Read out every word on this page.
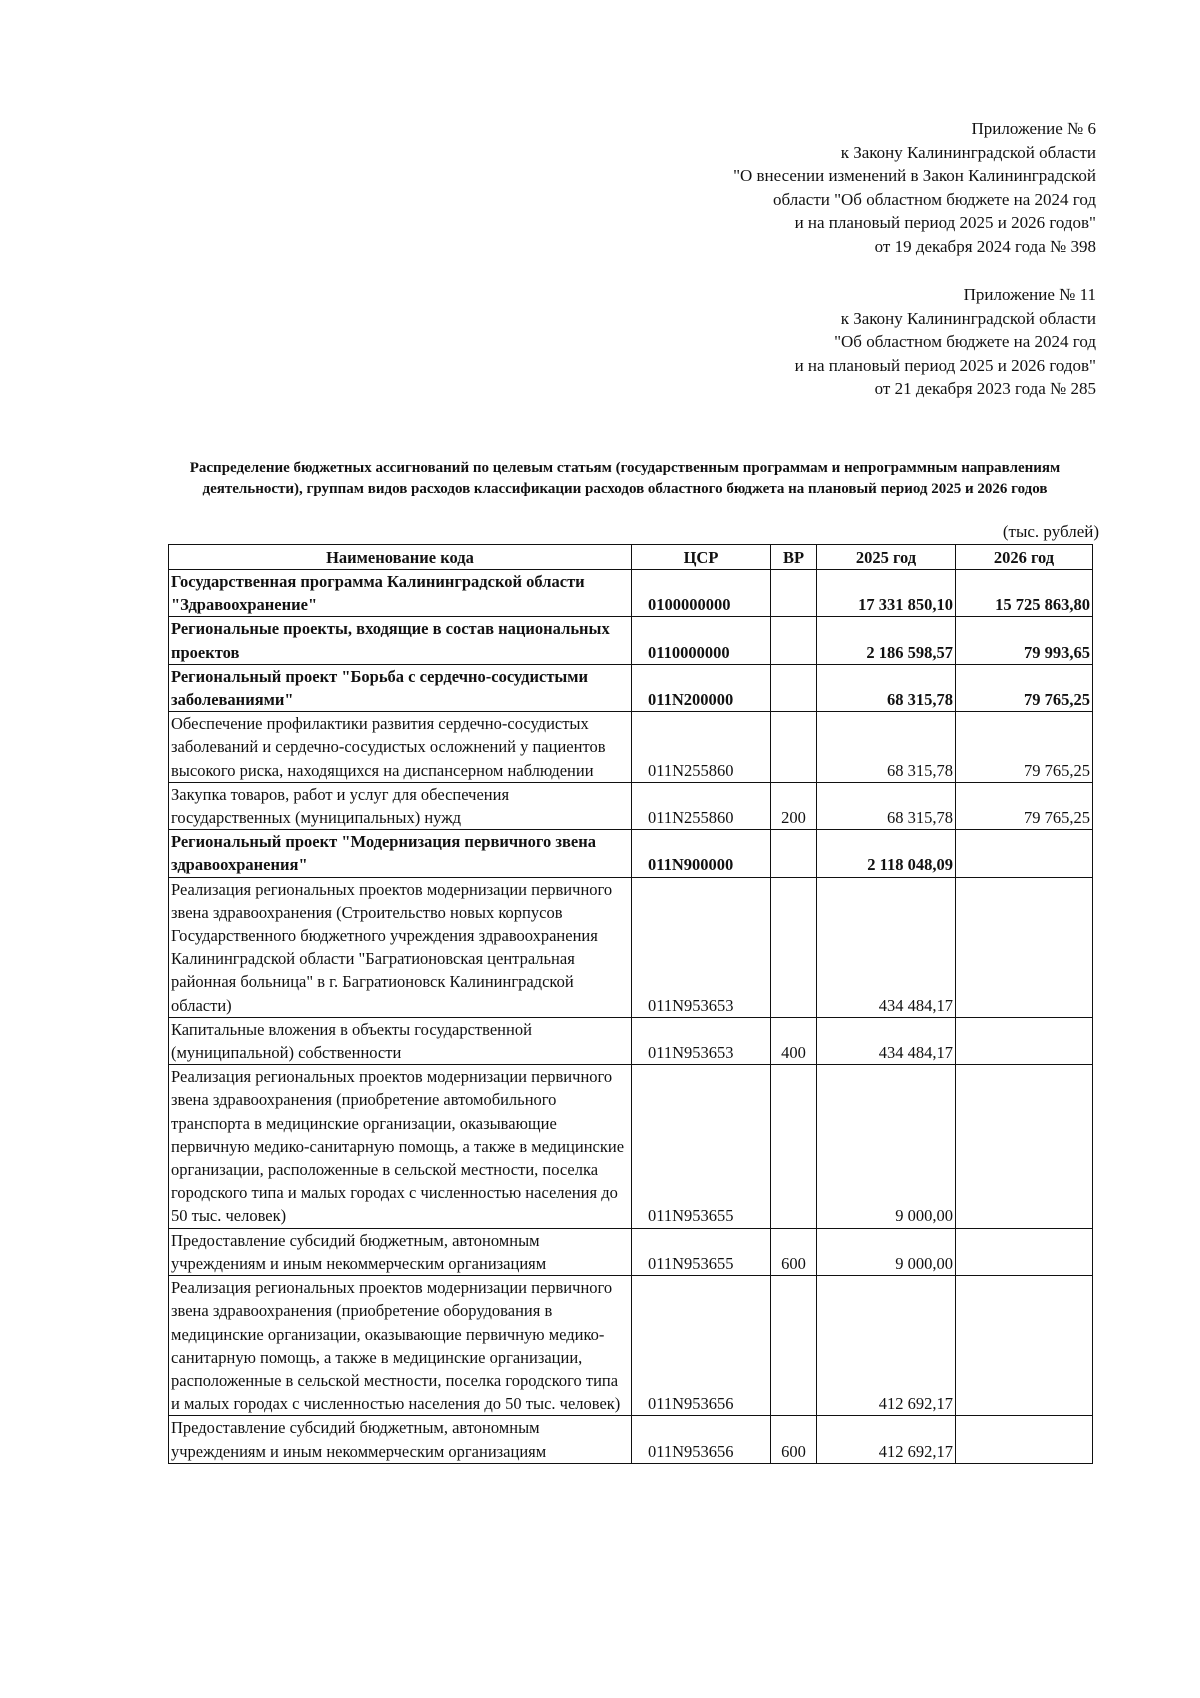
Приложение № 6
к Закону Калининградской области
"О внесении изменений в Закон Калининградской
области "Об областном бюджете на 2024 год
и на плановый период 2025 и 2026 годов"
от 19 декабря 2024 года № 398
Приложение № 11
к Закону Калининградской области
"Об областном бюджете на 2024 год
и на плановый период 2025 и 2026 годов"
от 21 декабря 2023 года № 285
Распределение бюджетных ассигнований по целевым статьям (государственным программам и непрограммным направлениям деятельности), группам видов расходов классификации расходов областного бюджета на плановый период 2025 и 2026 годов
(тыс. рублей)
Наименование кода	ЦСР	ВР	2025 год	2026 год
Государственная программа Калининградской области "Здравоохранение"	0100000000		17 331 850,10	15 725 863,80
Региональные проекты, входящие в состав национальных проектов	0110000000		2 186 598,57	79 993,65
Региональный проект "Борьба с сердечно-сосудистыми заболеваниями"	011N200000		68 315,78	79 765,25
Обеспечение профилактики развития сердечно-сосудистых заболеваний и сердечно-сосудистых осложнений у пациентов высокого риска, находящихся на диспансерном наблюдении	011N255860		68 315,78	79 765,25
Закупка товаров, работ и услуг для обеспечения государственных (муниципальных) нужд	011N255860	200	68 315,78	79 765,25
Региональный проект "Модернизация первичного звена здравоохранения"	011N900000		2 118 048,09	
Реализация региональных проектов модернизации первичного звена здравоохранения (Строительство новых корпусов Государственного бюджетного учреждения здравоохранения Калининградской области "Багратионовская центральная районная больница" в г. Багратионовск Калининградской области)	011N953653		434 484,17	
Капитальные вложения в объекты государственной (муниципальной) собственности	011N953653	400	434 484,17	
Реализация региональных проектов модернизации первичного звена здравоохранения (приобретение автомобильного транспорта в медицинские организации, оказывающие первичную медико-санитарную помощь, а также в медицинские организации, расположенные в сельской местности, поселка городского типа и малых городах с численностью населения до 50 тыс. человек)	011N953655		9 000,00	
Предоставление субсидий бюджетным, автономным учреждениям и иным некоммерческим организациям	011N953655	600	9 000,00	
Реализация региональных проектов модернизации первичного звена здравоохранения (приобретение оборудования в медицинские организации, оказывающие первичную медико-санитарную помощь, а также в медицинские организации, расположенные в сельской местности, поселка городского типа и малых городах с численностью населения до 50 тыс. человек)	011N953656		412 692,17	
Предоставление субсидий бюджетным, автономным учреждениям и иным некоммерческим организациям	011N953656	600	412 692,17	
